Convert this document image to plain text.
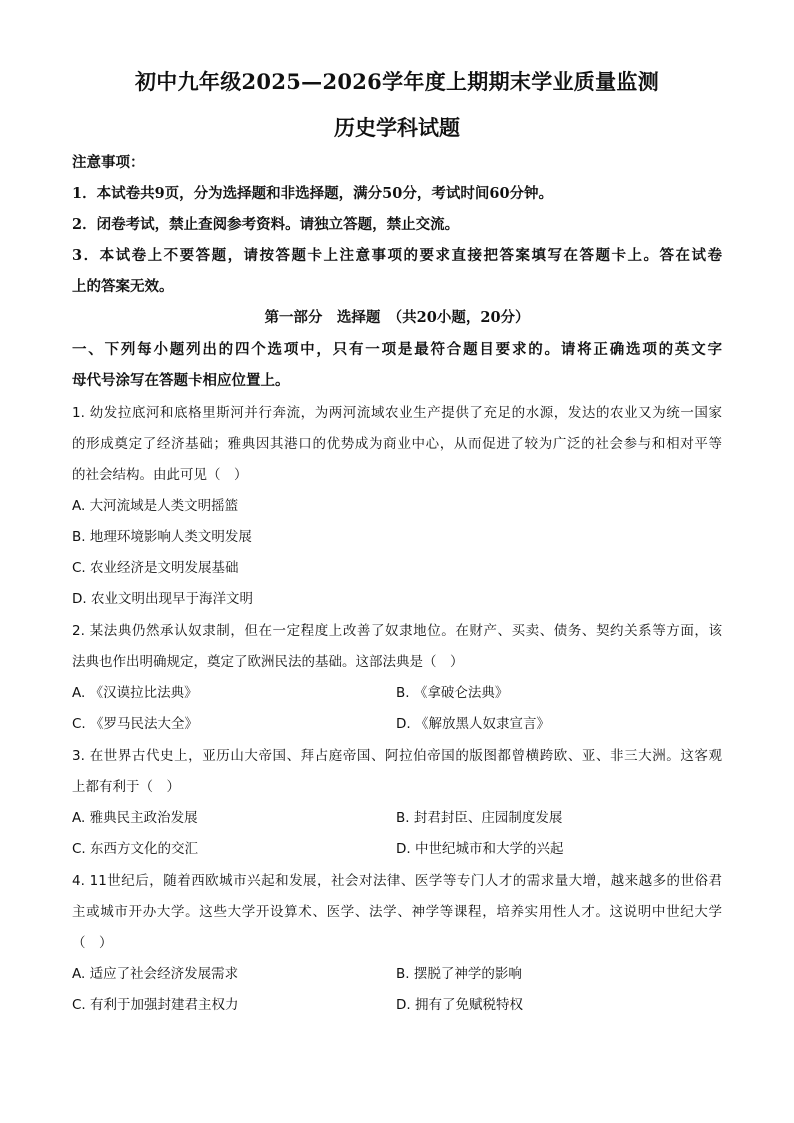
初中九年级2025—2026学年度上期期末学业质量监测
历史学科试题
注意事项：
1．本试卷共9页，分为选择题和非选择题，满分50分，考试时间60分钟。
2．闭卷考试，禁止查阅参考资料。请独立答题，禁止交流。
3．本试卷上不要答题，请按答题卡上注意事项的要求直接把答案填写在答题卡上。答在试卷
上的答案无效。
第一部分　选择题　（共20小题，20分）
一、下列每小题列出的四个选项中，只有一项是最符合题目要求的。请将正确选项的英文字
母代号涂写在答题卡相应位置上。
1. 幼发拉底河和底格里斯河并行奔流，为两河流域农业生产提供了充足的水源，发达的农业又为统一国家
的形成奠定了经济基础；雅典因其港口的优势成为商业中心，从而促进了较为广泛的社会参与和相对平等
的社会结构。由此可见（　）
A. 大河流域是人类文明摇篮
B. 地理环境影响人类文明发展
C. 农业经济是文明发展基础
D. 农业文明出现早于海洋文明
2. 某法典仍然承认奴隶制，但在一定程度上改善了奴隶地位。在财产、买卖、债务、契约关系等方面，该
法典也作出明确规定，奠定了欧洲民法的基础。这部法典是（　）
A. 《汉谟拉比法典》	B. 《拿破仑法典》
C. 《罗马民法大全》	D. 《解放黑人奴隶宣言》
3. 在世界古代史上，亚历山大帝国、拜占庭帝国、阿拉伯帝国的版图都曾横跨欧、亚、非三大洲。这客观
上都有利于（　）
A. 雅典民主政治发展	B. 封君封臣、庄园制度发展
C. 东西方文化的交汇	D. 中世纪城市和大学的兴起
4. 11世纪后，随着西欧城市兴起和发展，社会对法律、医学等专门人才的需求量大增，越来越多的世俗君
主或城市开办大学。这些大学开设算术、医学、法学、神学等课程，培养实用性人才。这说明中世纪大学
（　）
A. 适应了社会经济发展需求	B. 摆脱了神学的影响
C. 有利于加强封建君主权力	D. 拥有了免赋税特权
